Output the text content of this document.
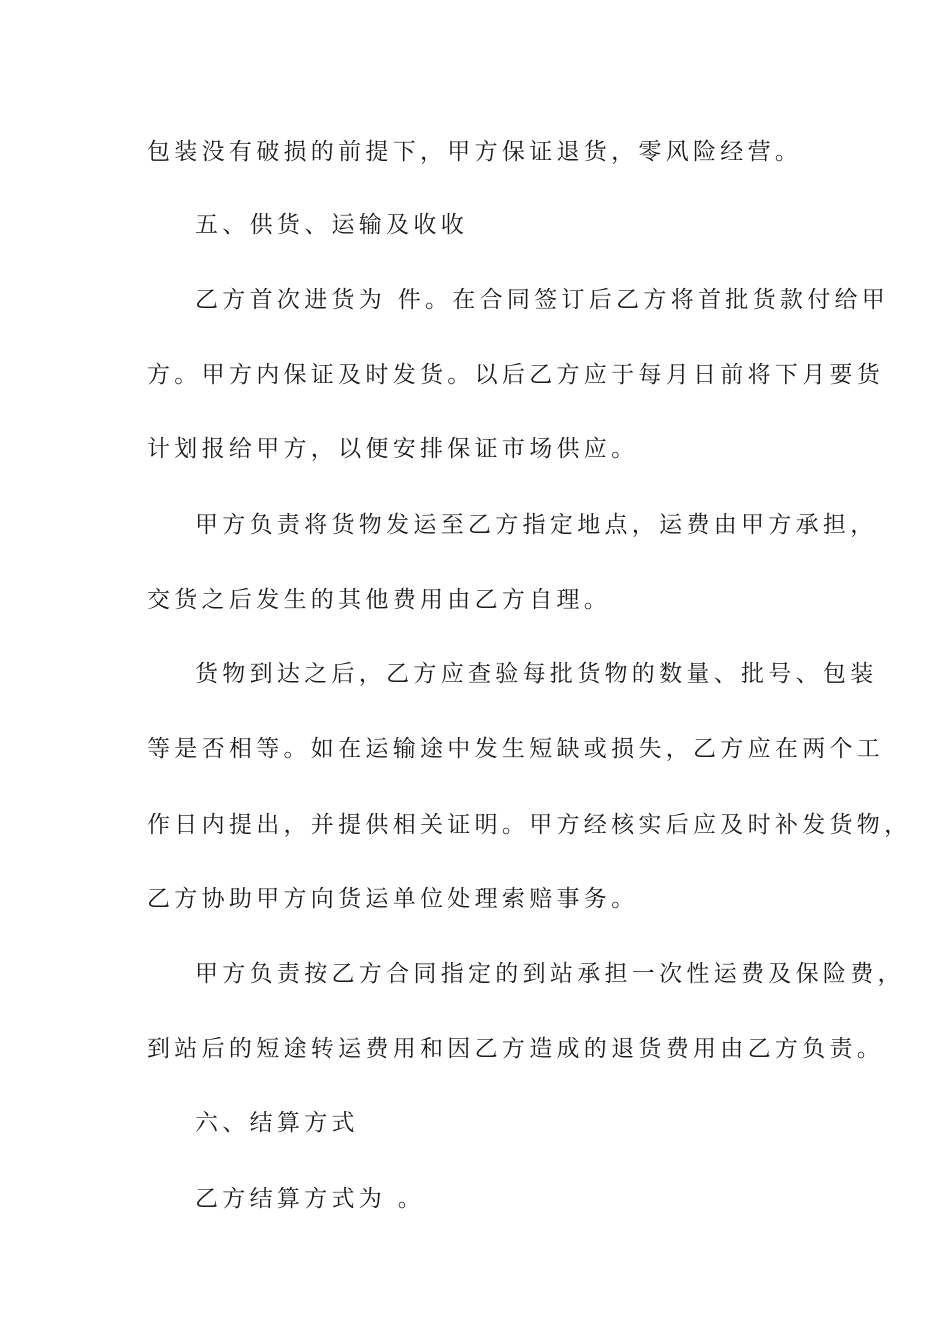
包装没有破损的前提下，甲方保证退货，零风险经营。
五、供货、运输及收收
乙方首次进货为 件。在合同签订后乙方将首批货款付给甲
方。甲方内保证及时发货。以后乙方应于每月日前将下月要货
计划报给甲方，以便安排保证市场供应。
甲方负责将货物发运至乙方指定地点，运费由甲方承担，
交货之后发生的其他费用由乙方自理。
货物到达之后，乙方应查验每批货物的数量、批号、包装
等是否相等。如在运输途中发生短缺或损失，乙方应在两个工
作日内提出，并提供相关证明。甲方经核实后应及时补发货物，
乙方协助甲方向货运单位处理索赔事务。
甲方负责按乙方合同指定的到站承担一次性运费及保险费，
到站后的短途转运费用和因乙方造成的退货费用由乙方负责。
六、结算方式
乙方结算方式为 。
